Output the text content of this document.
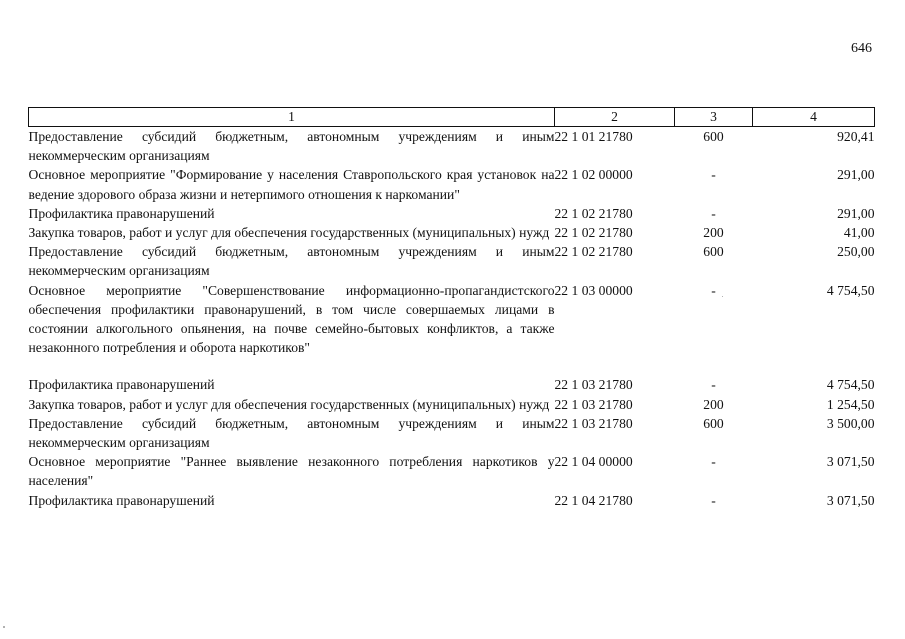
646
1	2	3	4
Предоставление субсидий бюджетным, автономным учреждениям и иным некоммерческим организациям	22 1 01 21780	600	920,41
Основное мероприятие "Формирование у населения Ставропольского края установок на ведение здорового образа жизни и нетерпимого отношения к наркомании"	22 1 02 00000	-	291,00
Профилактика правонарушений	22 1 02 21780	-	291,00
Закупка товаров, работ и услуг для обеспечения государственных (муниципальных) нужд	22 1 02 21780	200	41,00
Предоставление субсидий бюджетным, автономным учреждениям и иным некоммерческим организациям	22 1 02 21780	600	250,00
Основное мероприятие "Совершенствование информационно-пропагандистского обеспечения профилактики правонарушений, в том числе совершаемых лицами в состоянии алкогольного опьянения, на почве семейно-бытовых конфликтов, а также незаконного потребления и оборота наркотиков"	22 1 03 00000	-	4 754,50
Профилактика правонарушений	22 1 03 21780	-	4 754,50
Закупка товаров, работ и услуг для обеспечения государственных (муниципальных) нужд	22 1 03 21780	200	1 254,50
Предоставление субсидий бюджетным, автономным учреждениям и иным некоммерческим организациям	22 1 03 21780	600	3 500,00
Основное мероприятие "Раннее выявление незаконного потребления наркотиков у населения"	22 1 04 00000	-	3 071,50
Профилактика правонарушений	22 1 04 21780	-	3 071,50
